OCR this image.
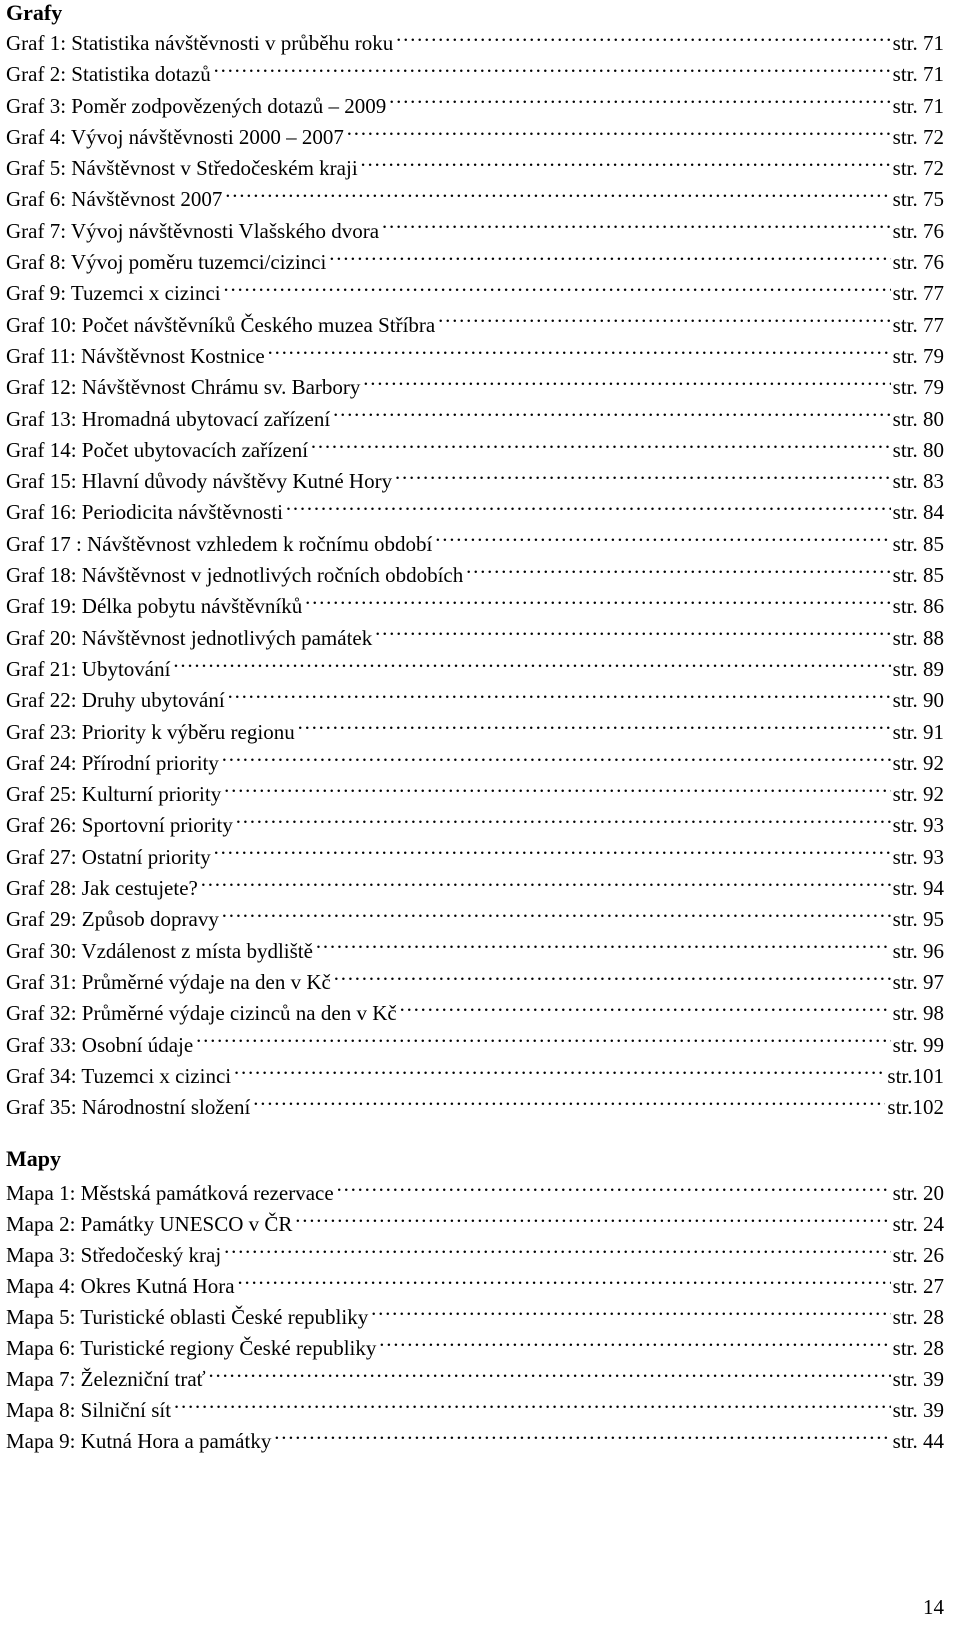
Grafy
Graf 1: Statistika návštěvnosti v průběhu roku …………………………………………………………………………………………………………………………………………………………………………………………	str. 71
Graf 2: Statistika dotazů …………………………………………………………………………………………………………………………………………………………………………………………	str. 71
Graf 3: Poměr zodpovězených dotazů – 2009 …………………………………………………………………………………………………………………………………………………………………………………………	str. 71
Graf 4: Vývoj návštěvnosti 2000 – 2007 …………………………………………………………………………………………………………………………………………………………………………………………	str. 72
Graf 5: Návštěvnost v Středočeském kraji …………………………………………………………………………………………………………………………………………………………………………………………	str. 72
Graf 6: Návštěvnost 2007 …………………………………………………………………………………………………………………………………………………………………………………………	str. 75
Graf 7: Vývoj návštěvnosti Vlašského dvora …………………………………………………………………………………………………………………………………………………………………………………………	str. 76
Graf 8: Vývoj poměru tuzemci/cizinci …………………………………………………………………………………………………………………………………………………………………………………………	str. 76
Graf 9: Tuzemci x cizinci …………………………………………………………………………………………………………………………………………………………………………………………	str. 77
Graf 10: Počet návštěvníků Českého muzea Stříbra …………………………………………………………………………………………………………………………………………………………………………………………	str. 77
Graf 11: Návštěvnost Kostnice …………………………………………………………………………………………………………………………………………………………………………………………	str. 79
Graf 12: Návštěvnost Chrámu sv. Barbory …………………………………………………………………………………………………………………………………………………………………………………………	str. 79
Graf 13: Hromadná ubytovací zařízení …………………………………………………………………………………………………………………………………………………………………………………………	str. 80
Graf 14: Počet ubytovacích zařízení …………………………………………………………………………………………………………………………………………………………………………………………	str. 80
Graf 15: Hlavní důvody návštěvy Kutné Hory …………………………………………………………………………………………………………………………………………………………………………………………	str. 83
Graf 16: Periodicita návštěvnosti …………………………………………………………………………………………………………………………………………………………………………………………	str. 84
Graf 17 : Návštěvnost vzhledem k ročnímu období …………………………………………………………………………………………………………………………………………………………………………………………	str. 85
Graf 18: Návštěvnost v jednotlivých ročních obdobích …………………………………………………………………………………………………………………………………………………………………………………………	str. 85
Graf 19: Délka pobytu návštěvníků …………………………………………………………………………………………………………………………………………………………………………………………	str. 86
Graf 20: Návštěvnost jednotlivých památek …………………………………………………………………………………………………………………………………………………………………………………………	str. 88
Graf 21: Ubytování …………………………………………………………………………………………………………………………………………………………………………………………	str. 89
Graf 22: Druhy ubytování …………………………………………………………………………………………………………………………………………………………………………………………	str. 90
Graf 23: Priority k výběru regionu …………………………………………………………………………………………………………………………………………………………………………………………	str. 91
Graf 24: Přírodní priority …………………………………………………………………………………………………………………………………………………………………………………………	str. 92
Graf 25: Kulturní priority …………………………………………………………………………………………………………………………………………………………………………………………	str. 92
Graf 26: Sportovní priority …………………………………………………………………………………………………………………………………………………………………………………………	str. 93
Graf 27: Ostatní priority …………………………………………………………………………………………………………………………………………………………………………………………	str. 93
Graf 28: Jak cestujete? …………………………………………………………………………………………………………………………………………………………………………………………	str. 94
Graf 29: Způsob dopravy …………………………………………………………………………………………………………………………………………………………………………………………	str. 95
Graf 30: Vzdálenost z místa bydliště …………………………………………………………………………………………………………………………………………………………………………………………	str. 96
Graf 31: Průměrné výdaje na den v Kč …………………………………………………………………………………………………………………………………………………………………………………………	str. 97
Graf 32: Průměrné výdaje cizinců na den v Kč …………………………………………………………………………………………………………………………………………………………………………………………	str. 98
Graf 33: Osobní údaje …………………………………………………………………………………………………………………………………………………………………………………………	str. 99
Graf 34: Tuzemci x cizinci …………………………………………………………………………………………………………………………………………………………………………………………	str.101
Graf 35: Národnostní složení …………………………………………………………………………………………………………………………………………………………………………………………	str.102
Mapy
Mapa 1: Městská památková rezervace …………………………………………………………………………………………………………………………………………………………………………………………	str. 20
Mapa 2: Památky UNESCO v ČR …………………………………………………………………………………………………………………………………………………………………………………………	str. 24
Mapa 3: Středočeský kraj …………………………………………………………………………………………………………………………………………………………………………………………	str. 26
Mapa 4: Okres Kutná Hora …………………………………………………………………………………………………………………………………………………………………………………………	str. 27
Mapa 5: Turistické oblasti České republiky …………………………………………………………………………………………………………………………………………………………………………………………	str. 28
Mapa 6: Turistické regiony České republiky …………………………………………………………………………………………………………………………………………………………………………………………	str. 28
Mapa 7: Železniční trať …………………………………………………………………………………………………………………………………………………………………………………………	str. 39
Mapa 8: Silniční sít …………………………………………………………………………………………………………………………………………………………………………………………	str. 39
Mapa 9: Kutná Hora a památky …………………………………………………………………………………………………………………………………………………………………………………………	str. 44
14
